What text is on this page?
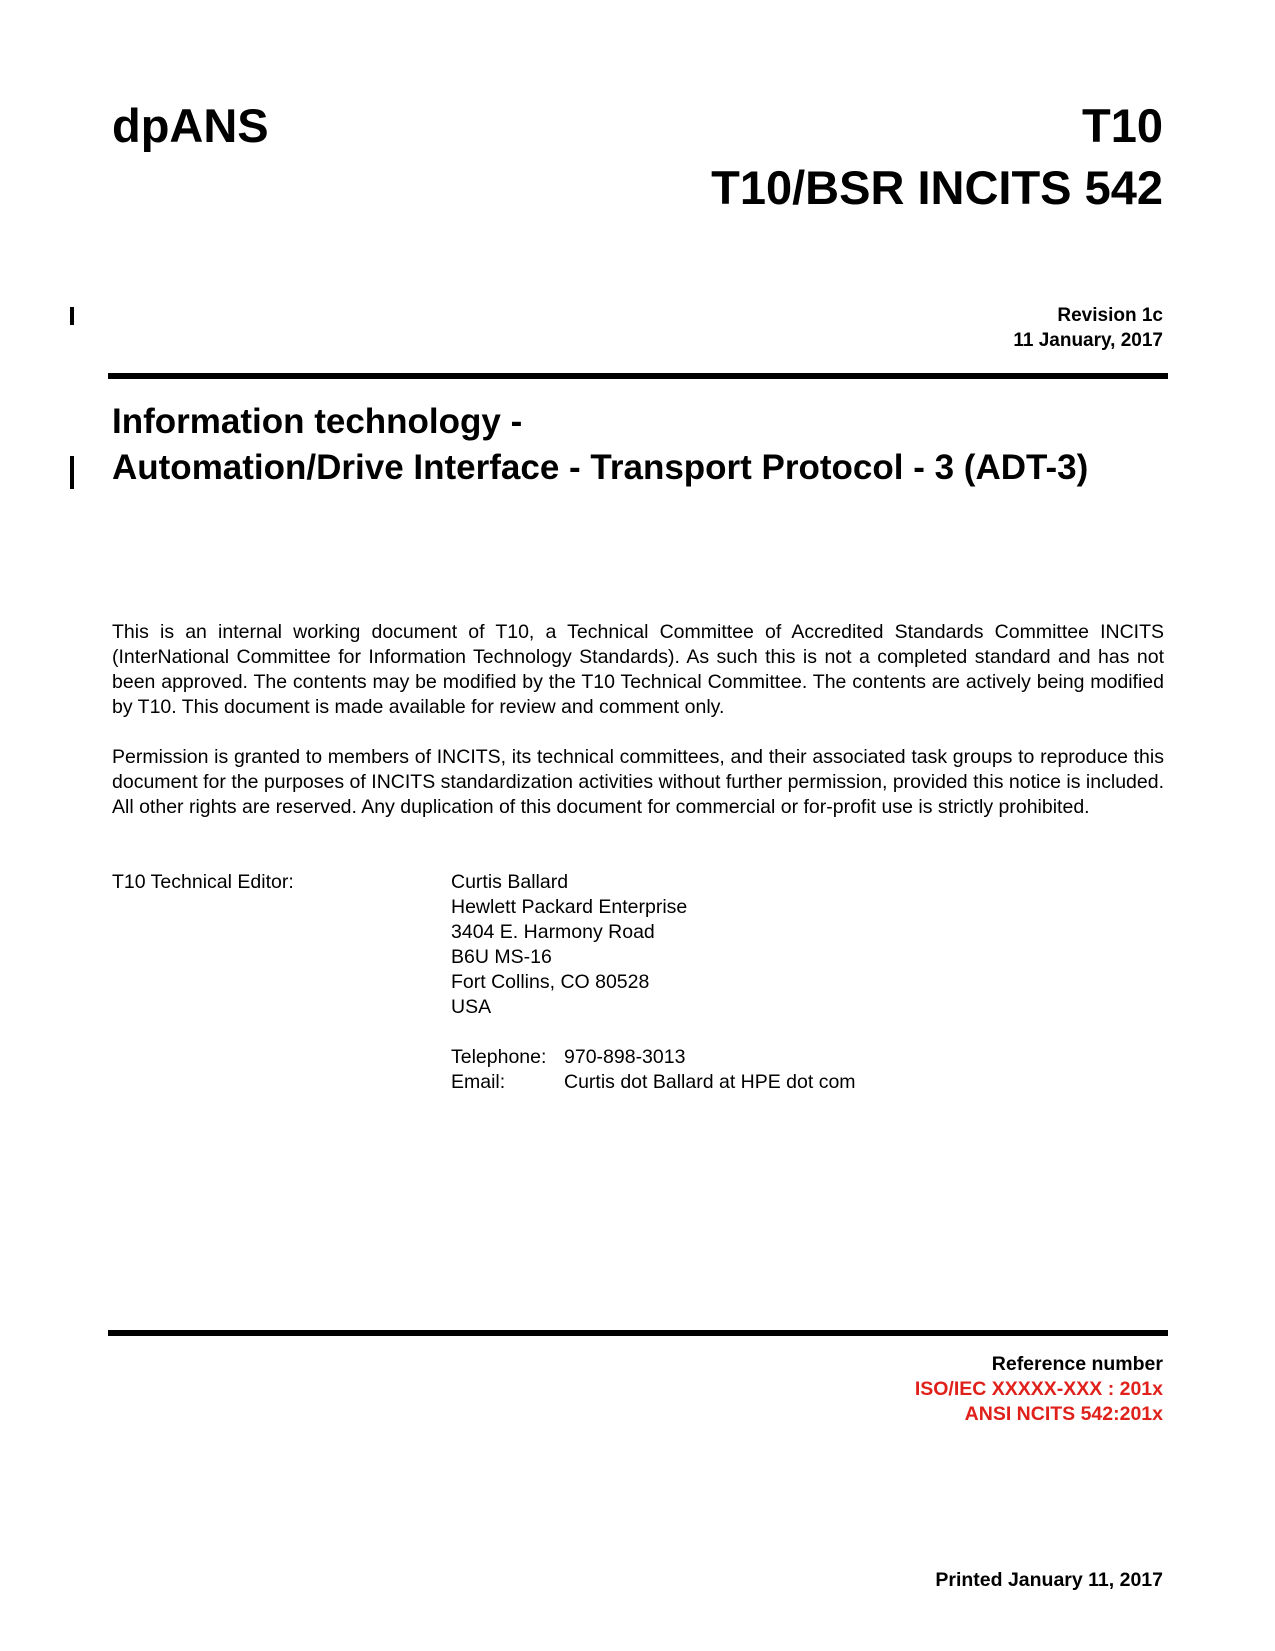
dpANS	T10
T10/BSR INCITS 542
Revision 1c
11 January, 2017
Information technology -
Automation/Drive Interface - Transport Protocol - 3 (ADT-3)
This is an internal working document of T10, a Technical Committee of Accredited Standards Committee INCITS (InterNational Committee for Information Technology Standards). As such this is not a completed standard and has not been approved. The contents may be modified by the T10 Technical Committee. The contents are actively being modified by T10. This document is made available for review and comment only.
Permission is granted to members of INCITS, its technical committees, and their associated task groups to reproduce this document for the purposes of INCITS standardization activities without further permission, provided this notice is included. All other rights are reserved. Any duplication of this document for commercial or for-profit use is strictly prohibited.
T10 Technical Editor:	Curtis Ballard
Hewlett Packard Enterprise
3404 E. Harmony Road
B6U MS-16
Fort Collins, CO 80528
USA
Telephone: 970-898-3013
Email:	Curtis dot Ballard at HPE dot com
Reference number
ISO/IEC XXXXX-XXX : 201x
ANSI NCITS 542:201x
Printed January 11, 2017
